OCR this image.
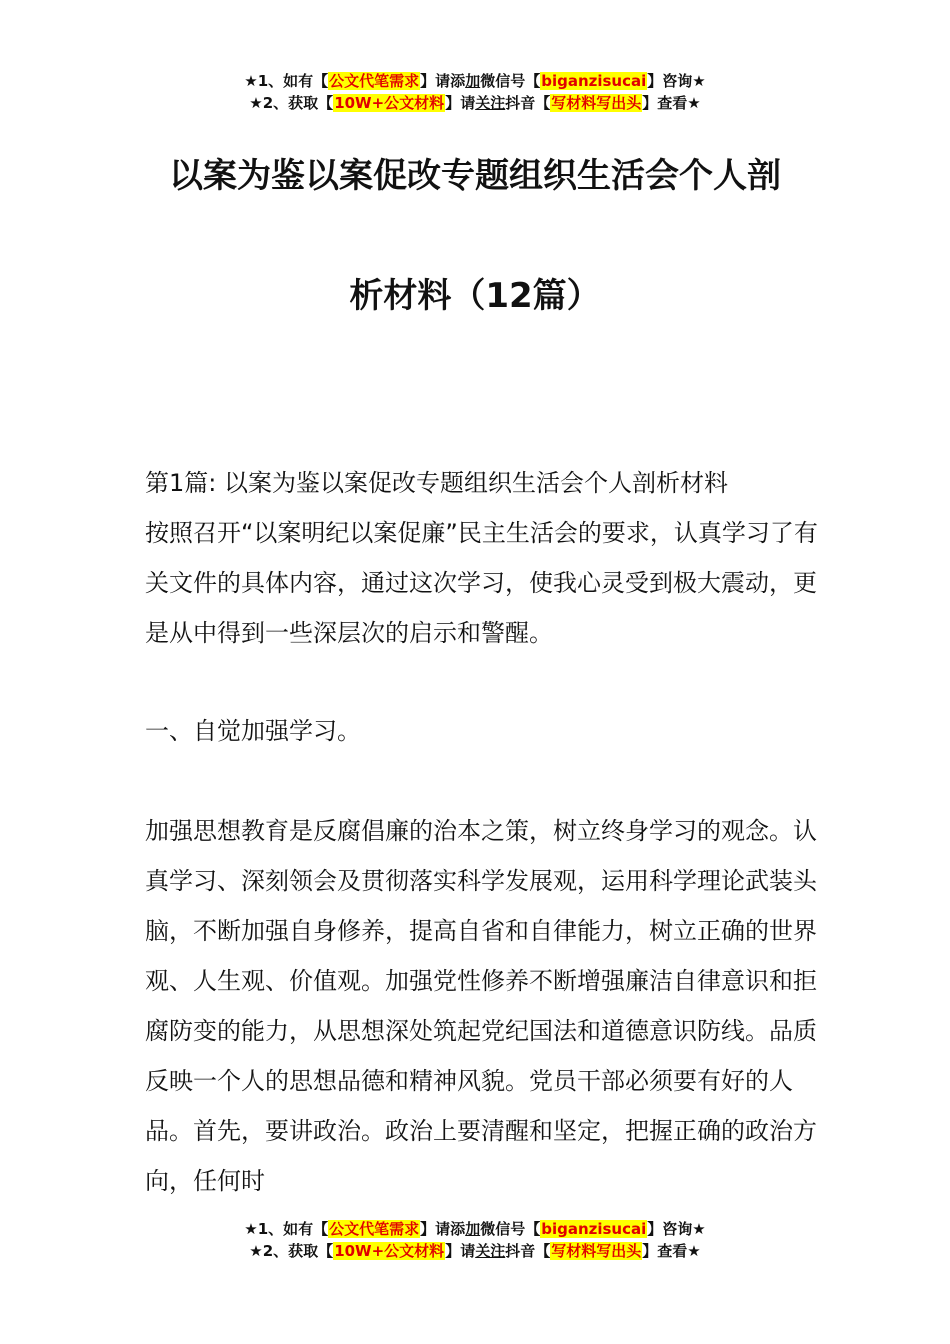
★1、如有【公文代笔需求】请添加微信号【biganzisucai】咨询★
★2、获取【10W+公文材料】请关注抖音【写材料写出头】查看★
以案为鉴以案促改专题组织生活会个人剖
析材料（12篇）

第1篇: 以案为鉴以案促改专题组织生活会个人剖析材料

按照召开“以案明纪以案促廉”民主生活会的要求，认真学习了有关文件的具体内容，通过这次学习，使我心灵受到极大震动，更是从中得到一些深层次的启示和警醒。

一、自觉加强学习。

加强思想教育是反腐倡廉的治本之策，树立终身学习的观念。认真学习、深刻领会及贯彻落实科学发展观，运用科学理论武装头脑，不断加强自身修养，提高自省和自律能力，树立正确的世界观、人生观、价值观。加强党性修养不断增强廉洁自律意识和拒腐防变的能力，从思想深处筑起党纪国法和道德意识防线。品质反映一个人的思想品德和精神风貌。党员干部必须要有好的人品。首先，要讲政治。政治上要清醒和坚定，把握正确的政治方向，任何时

★1、如有【公文代笔需求】请添加微信号【biganzisucai】咨询★
★2、获取【10W+公文材料】请关注抖音【写材料写出头】查看★
